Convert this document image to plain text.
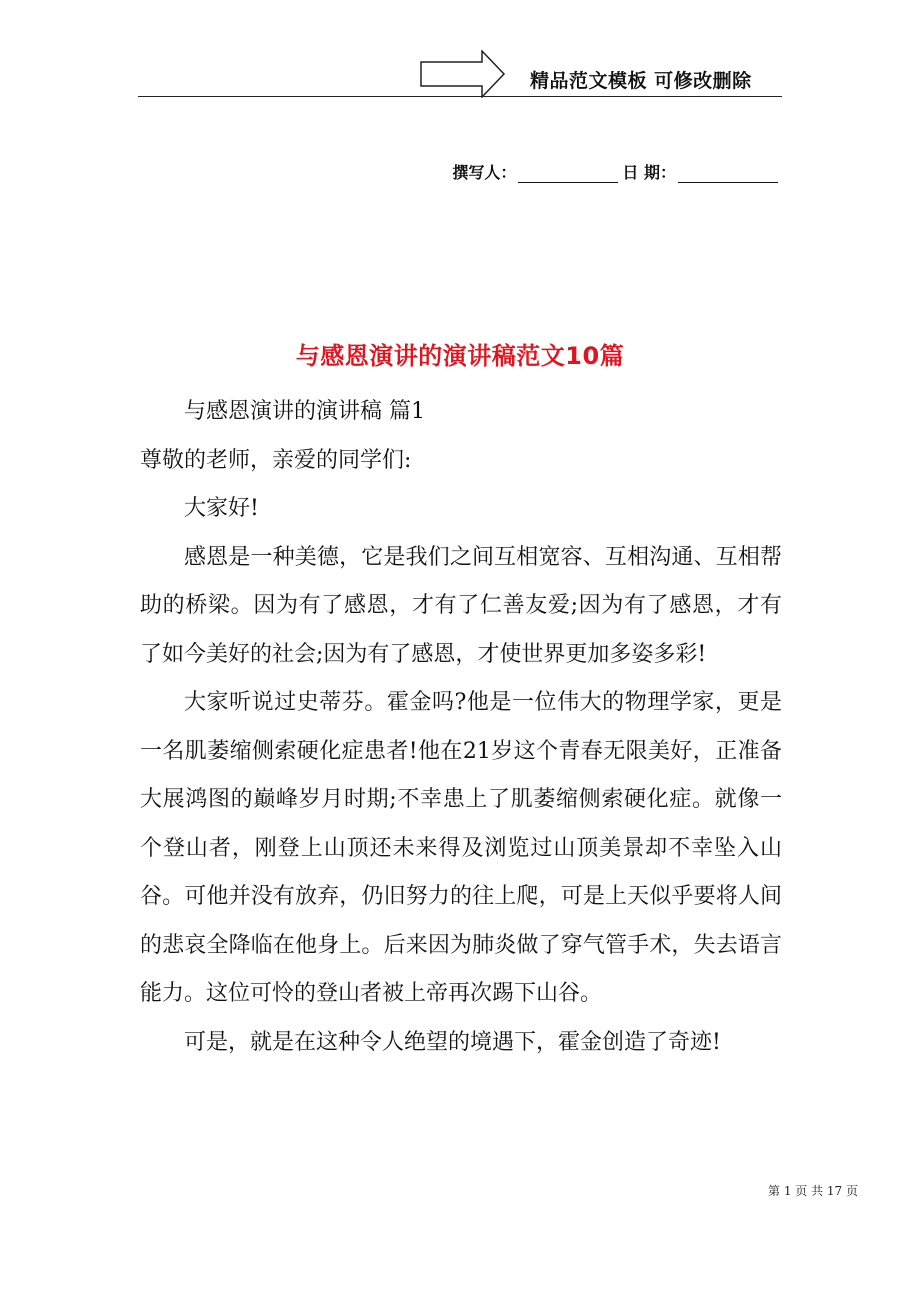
精品范文模板 可修改删除
撰写人：	日 期：
与感恩演讲的演讲稿范文10篇

与感恩演讲的演讲稿 篇1

尊敬的老师，亲爱的同学们:

大家好!

感恩是一种美德，它是我们之间互相宽容、互相沟通、互相帮助的桥梁。因为有了感恩，才有了仁善友爱;因为有了感恩，才有了如今美好的社会;因为有了感恩，才使世界更加多姿多彩!

大家听说过史蒂芬。霍金吗?他是一位伟大的物理学家，更是一名肌萎缩侧索硬化症患者!他在21岁这个青春无限美好，正准备大展鸿图的巅峰岁月时期;不幸患上了肌萎缩侧索硬化症。就像一个登山者，刚登上山顶还未来得及浏览过山顶美景却不幸坠入山谷。可他并没有放弃，仍旧努力的往上爬，可是上天似乎要将人间的悲哀全降临在他身上。后来因为肺炎做了穿气管手术，失去语言能力。这位可怜的登山者被上帝再次踢下山谷。

可是，就是在这种令人绝望的境遇下，霍金创造了奇迹!

第 1 页 共 17 页
